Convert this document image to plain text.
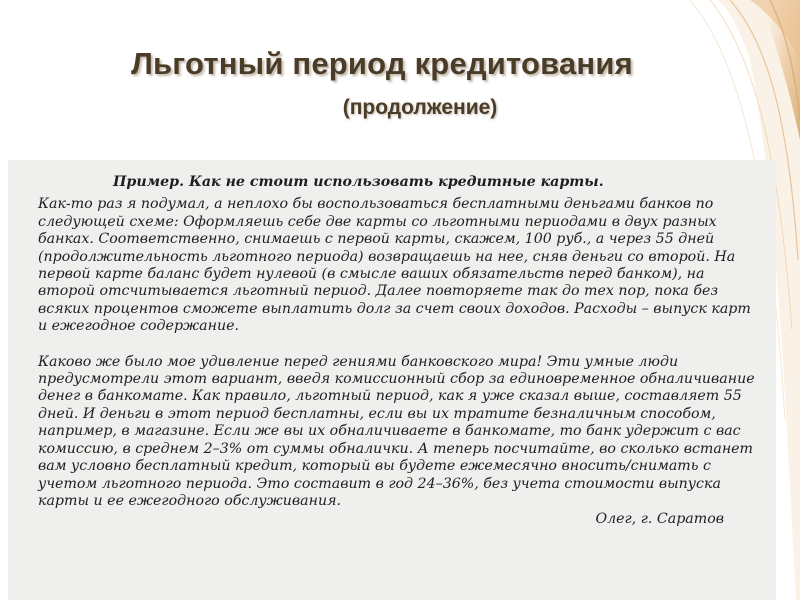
Льготный период кредитования
(продолжение)
Пример. Как не стоит использовать кредитные карты.

Как-то раз я подумал, а неплохо бы воспользоваться бесплатными деньгами банков по следующей схеме: Оформляешь себе две карты со льготными периодами в двух разных банках. Соответственно, снимаешь с первой карты, скажем, 100 руб., а через 55 дней (продолжительность льготного периода) возвращаешь на нее, сняв деньги со второй. На первой карте баланс будет нулевой (в смысле ваших обязательств перед банком), на второй отсчитывается льготный период. Далее повторяете так до тех пор, пока без всяких процентов сможете выплатить долг за счет своих доходов. Расходы – выпуск карт и ежегодное содержание.

Каково же было мое удивление перед гениями банковского мира! Эти умные люди предусмотрели этот вариант, введя комиссионный сбор за единовременное обналичивание денег в банкомате. Как правило, льготный период, как я уже сказал выше, составляет 55 дней. И деньги в этот период бесплатны, если вы их тратите безналичным способом, например, в магазине. Если же вы их обналичиваете в банкомате, то банк удержит с вас комиссию, в среднем 2–3% от суммы обналички. А теперь посчитайте, во сколько встанет вам условно бесплатный кредит, который вы будете ежемесячно вносить/снимать с учетом льготного периода. Это составит в год 24–36%, без учета стоимости выпуска карты и ее ежегодного обслуживания.

Олег, г. Саратов
